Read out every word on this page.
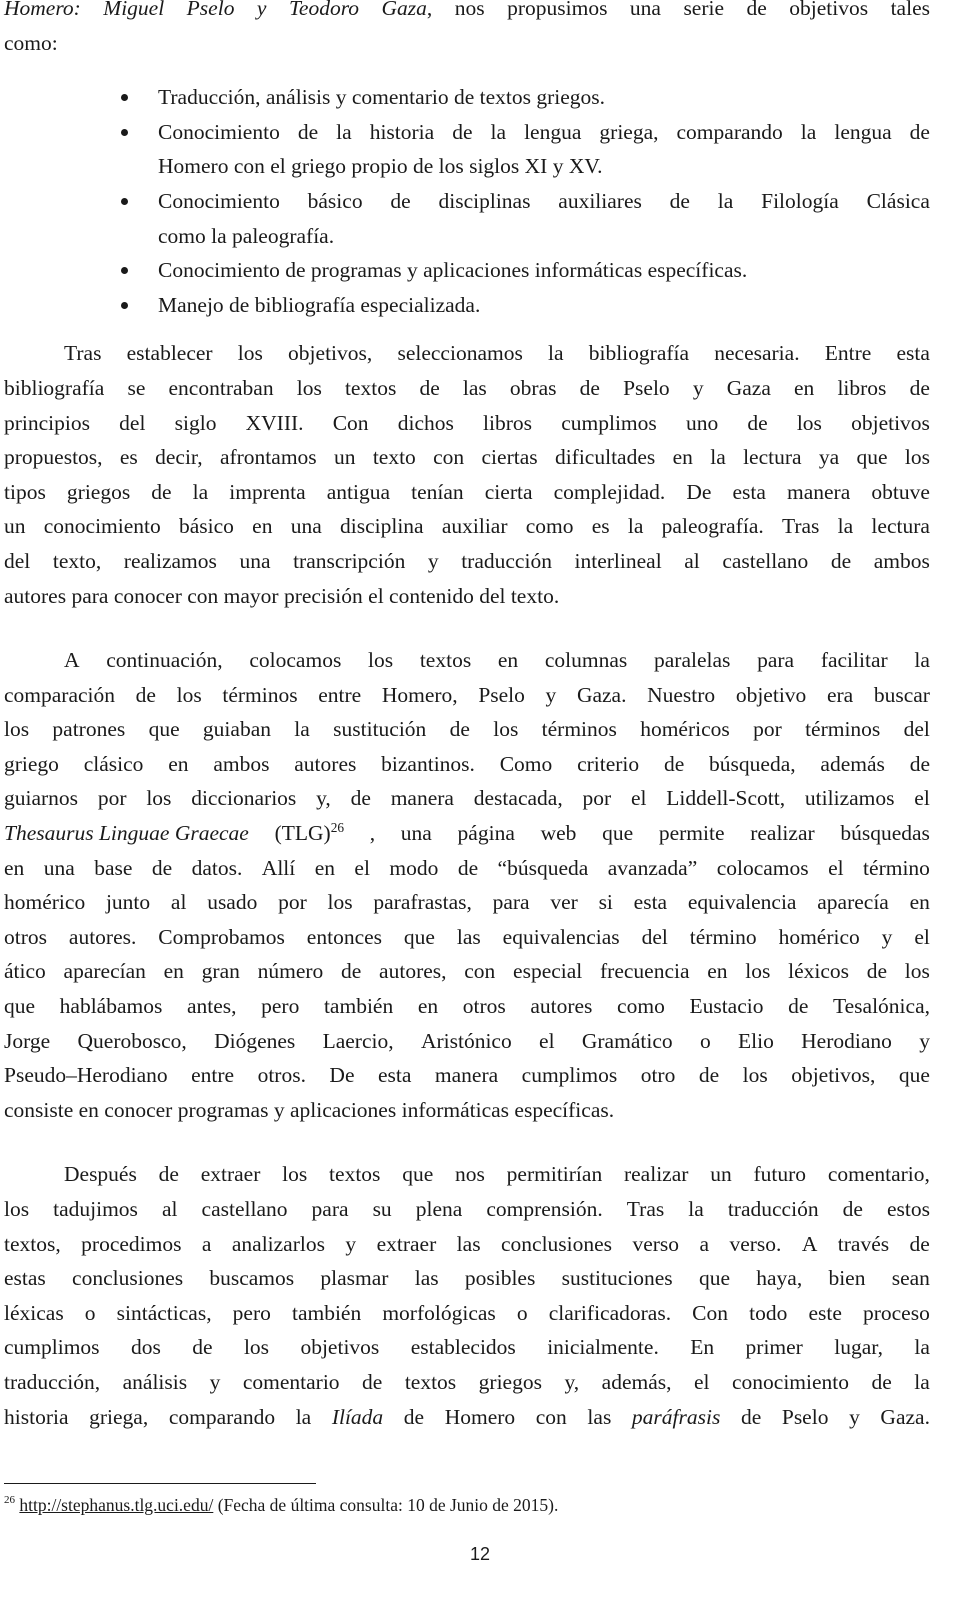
Homero: Miguel Pselo y Teodoro Gaza, nos propusimos una serie de objetivos tales
como:
Traducción, análisis y comentario de textos griegos.
Conocimiento de la historia de la lengua griega, comparando la lengua de
Homero con el griego propio de los siglos XI y XV.
Conocimiento básico de disciplinas auxiliares de la Filología Clásica
como la paleografía.
Conocimiento de programas y aplicaciones informáticas específicas.
Manejo de bibliografía especializada.
Tras establecer los objetivos, seleccionamos la bibliografía necesaria. Entre esta
bibliografía se encontraban los textos de las obras de Pselo y Gaza en libros de
principios del siglo XVIII. Con dichos libros cumplimos uno de los objetivos
propuestos, es decir, afrontamos un texto con ciertas dificultades en la lectura ya que los
tipos griegos de la imprenta antigua tenían cierta complejidad. De esta manera obtuve
un conocimiento básico en una disciplina auxiliar como es la paleografía. Tras la lectura
del texto, realizamos una transcripción y traducción interlineal al castellano de ambos
autores para conocer con mayor precisión el contenido del texto.
A continuación, colocamos los textos en columnas paralelas para facilitar la
comparación de los términos entre Homero, Pselo y Gaza. Nuestro objetivo era buscar
los patrones que guiaban la sustitución de los términos homéricos por términos del
griego clásico en ambos autores bizantinos. Como criterio de búsqueda, además de
guiarnos por los diccionarios y, de manera destacada, por el Liddell-Scott, utilizamos el
Thesaurus Linguae Graecae (TLG)$^{26}$ , una página web que permite realizar búsquedas
en una base de datos. Allí en el modo de “búsqueda avanzada” colocamos el término
homérico junto al usado por los parafrastas, para ver si esta equivalencia aparecía en
otros autores. Comprobamos entonces que las equivalencias del término homérico y el
ático aparecían en gran número de autores, con especial frecuencia en los léxicos de los
que hablábamos antes, pero también en otros autores como Eustacio de Tesalónica,
Jorge Querobosco, Diógenes Laercio, Aristónico el Gramático o Elio Herodiano y
Pseudo–Herodiano entre otros. De esta manera cumplimos otro de los objetivos, que
consiste en conocer programas y aplicaciones informáticas específicas.
Después de extraer los textos que nos permitirían realizar un futuro comentario,
los tadujimos al castellano para su plena comprensión. Tras la traducción de estos
textos, procedimos a analizarlos y extraer las conclusiones verso a verso. A través de
estas conclusiones buscamos plasmar las posibles sustituciones que haya, bien sean
léxicas o sintácticas, pero también morfológicas o clarificadoras. Con todo este proceso
cumplimos dos de los objetivos establecidos inicialmente. En primer lugar, la
traducción, análisis y comentario de textos griegos y, además, el conocimiento de la
historia griega, comparando la Ilíada de Homero con las paráfrasis de Pselo y Gaza.
$^{26}$ http://stephanus.tlg.uci.edu/ (Fecha de última consulta: 10 de Junio de 2015).
12
